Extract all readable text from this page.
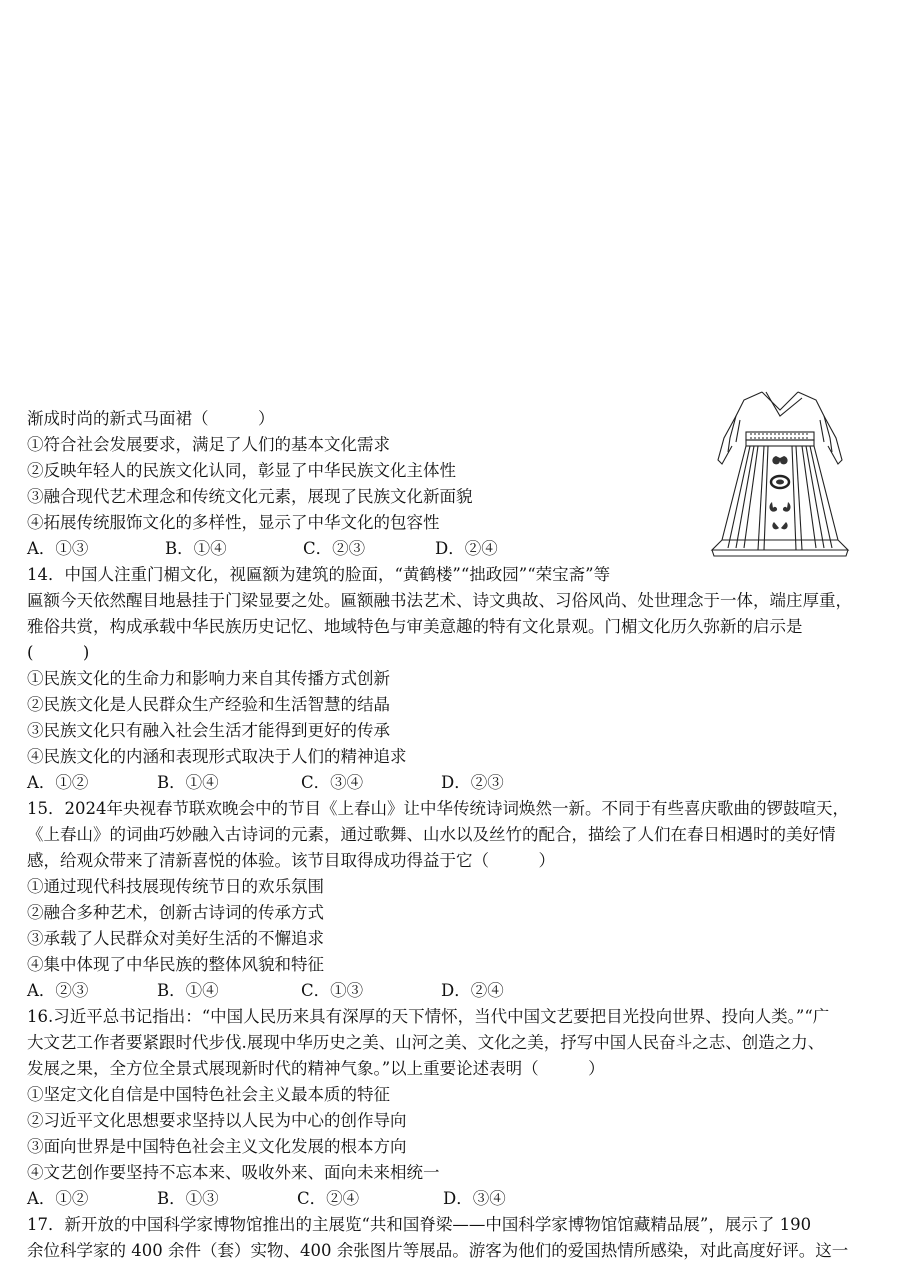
渐成时尚的新式马面裙（　　　）
①符合社会发展要求，满足了人们的基本文化需求
②反映年轻人的民族文化认同，彰显了中华民族文化主体性
③融合现代艺术理念和传统文化元素，展现了民族文化新面貌
④拓展传统服饰文化的多样性，显示了中华文化的包容性
A．①③	B．①④	C．②③	D．②④
14．中国人注重门楣文化，视匾额为建筑的脸面，“黄鹤楼”“拙政园”“荣宝斋”等
匾额今天依然醒目地悬挂于门梁显要之处。匾额融书法艺术、诗文典故、习俗风尚、处世理念于一体，端庄厚重，
雅俗共赏，构成承载中华民族历史记忆、地域特色与审美意趣的特有文化景观。门楣文化历久弥新的启示是
(　　　)
①民族文化的生命力和影响力来自其传播方式创新
②民族文化是人民群众生产经验和生活智慧的结晶
③民族文化只有融入社会生活才能得到更好的传承
④民族文化的内涵和表现形式取决于人们的精神追求
A．①②	B．①④	C．③④	D．②③
15．2024年央视春节联欢晚会中的节目《上春山》让中华传统诗词焕然一新。不同于有些喜庆歌曲的锣鼓喧天，
《上春山》的词曲巧妙融入古诗词的元素，通过歌舞、山水以及丝竹的配合，描绘了人们在春日相遇时的美好情
感，给观众带来了清新喜悦的体验。该节目取得成功得益于它（　　　）
①通过现代科技展现传统节日的欢乐氛围
②融合多种艺术，创新古诗词的传承方式
③承载了人民群众对美好生活的不懈追求
④集中体现了中华民族的整体风貌和特征
A．②③	B．①④	C．①③	D．②④
16.习近平总书记指出：“中国人民历来具有深厚的天下情怀，当代中国文艺要把目光投向世界、投向人类。”“广
大文艺工作者要紧跟时代步伐.展现中华历史之美、山河之美、文化之美，抒写中国人民奋斗之志、创造之力、
发展之果，全方位全景式展现新时代的精神气象。”以上重要论述表明（　　　）
①坚定文化自信是中国特色社会主义最本质的特征
②习近平文化思想要求坚持以人民为中心的创作导向
③面向世界是中国特色社会主义文化发展的根本方向
④文艺创作要坚持不忘本来、吸收外来、面向未来相统一
A．①②	B．①③	C．②④	D．③④
17．新开放的中国科学家博物馆推出的主展览“共和国脊梁——中国科学家博物馆馆藏精品展”，展示了 190
余位科学家的 400 余件（套）实物、400 余张图片等展品。游客为他们的爱国热情所感染，对此高度好评。这一
